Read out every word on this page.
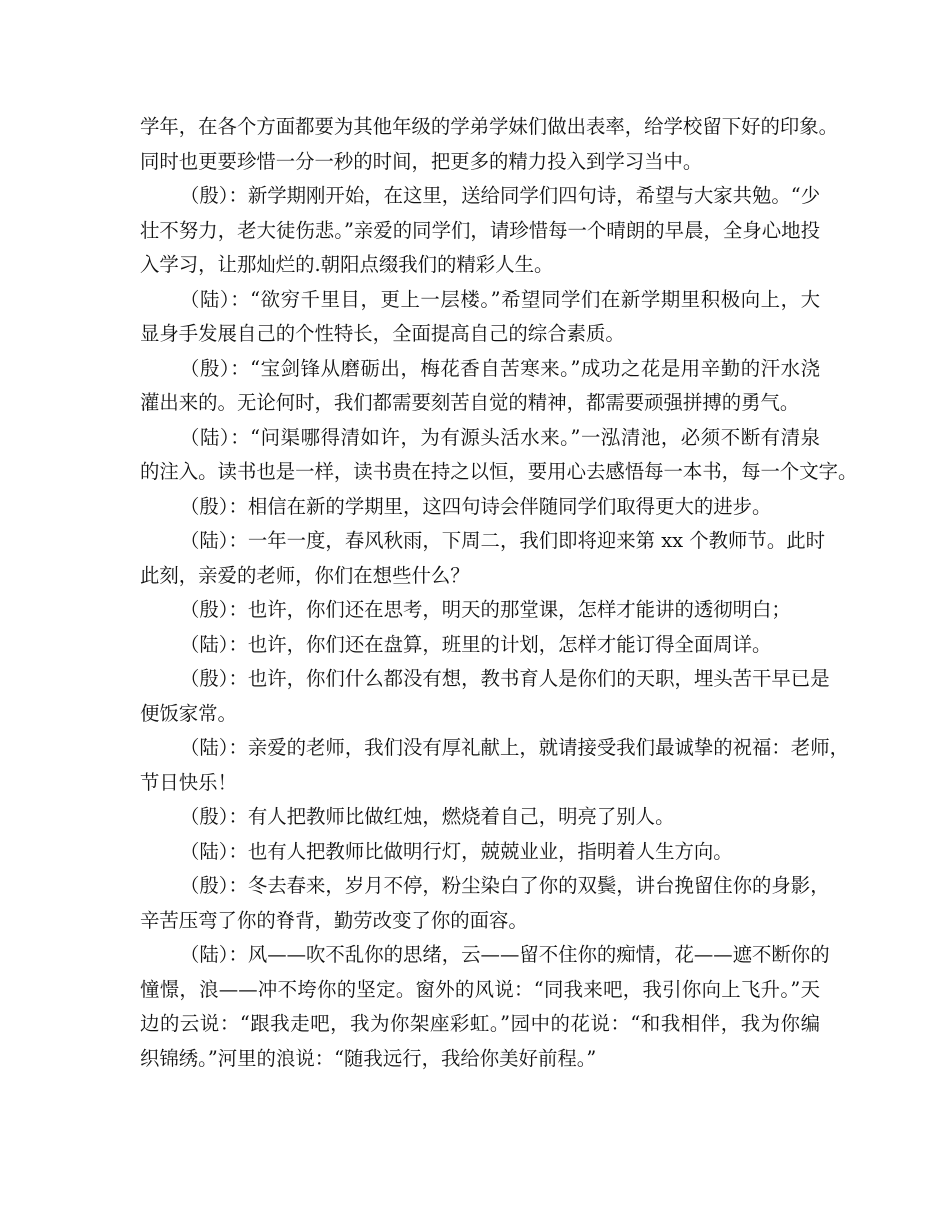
学年，在各个方面都要为其他年级的学弟学妹们做出表率，给学校留下好的印象。
同时也更要珍惜一分一秒的时间，把更多的精力投入到学习当中。
（殷）：新学期刚开始，在这里，送给同学们四句诗，希望与大家共勉。“少
壮不努力，老大徒伤悲。”亲爱的同学们，请珍惜每一个晴朗的早晨，全身心地投
入学习，让那灿烂的.朝阳点缀我们的精彩人生。
（陆）：“欲穷千里目，更上一层楼。”希望同学们在新学期里积极向上，大
显身手发展自己的个性特长，全面提高自己的综合素质。
（殷）：“宝剑锋从磨砺出，梅花香自苦寒来。”成功之花是用辛勤的汗水浇
灌出来的。无论何时，我们都需要刻苦自觉的精神，都需要顽强拼搏的勇气。
（陆）：“问渠哪得清如许，为有源头活水来。”一泓清池，必须不断有清泉
的注入。读书也是一样，读书贵在持之以恒，要用心去感悟每一本书，每一个文字。
（殷）：相信在新的学期里，这四句诗会伴随同学们取得更大的进步。
（陆）：一年一度，春风秋雨，下周二，我们即将迎来第 xx 个教师节。此时
此刻，亲爱的老师，你们在想些什么？
（殷）：也许，你们还在思考，明天的那堂课，怎样才能讲的透彻明白；
（陆）：也许，你们还在盘算，班里的计划，怎样才能订得全面周详。
（殷）：也许，你们什么都没有想，教书育人是你们的天职，埋头苦干早已是
便饭家常。
（陆）：亲爱的老师，我们没有厚礼献上，就请接受我们最诚挚的祝福：老师，
节日快乐！
（殷）：有人把教师比做红烛，燃烧着自己，明亮了别人。
（陆）：也有人把教师比做明行灯，兢兢业业，指明着人生方向。
（殷）：冬去春来，岁月不停，粉尘染白了你的双鬓，讲台挽留住你的身影，
辛苦压弯了你的脊背，勤劳改变了你的面容。
（陆）：风——吹不乱你的思绪，云——留不住你的痴情，花——遮不断你的
憧憬，浪——冲不垮你的坚定。窗外的风说：“同我来吧，我引你向上飞升。”天
边的云说：“跟我走吧，我为你架座彩虹。”园中的花说：“和我相伴，我为你编
织锦绣。”河里的浪说：“随我远行，我给你美好前程。”
